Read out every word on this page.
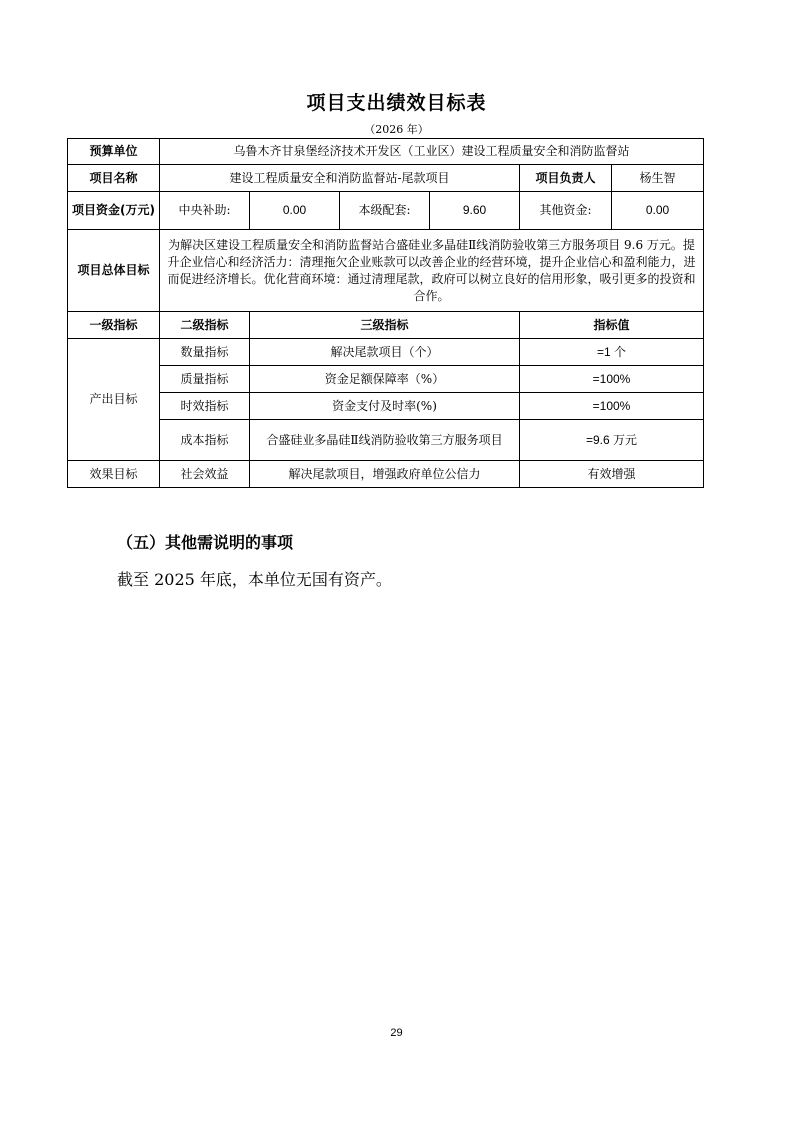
项目支出绩效目标表
（2026 年）
预算单位	乌鲁木齐甘泉堡经济技术开发区（工业区）建设工程质量安全和消防监督站					
项目名称	建设工程质量安全和消防监督站-尾款项目				项目负责人	杨生智
项目资金(万元)	中央补助:	0.00	本级配套:	9.60	其他资金:	0.00
项目总体目标	为解决区建设工程质量安全和消防监督站合盛硅业多晶硅Ⅱ线消防验收第三方服务项目 9.6 万元。提升企业信心和经济活力：清理拖欠企业账款可以改善企业的经营环境，提升企业信心和盈利能力，进而促进经济增长。优化营商环境：通过清理尾款，政府可以树立良好的信用形象，吸引更多的投资和合作。					
一级指标	二级指标	三级指标			指标值	
产出目标	数量指标	解决尾款项目（个）			=1 个	
	质量指标	资金足额保障率（%）			=100%	
	时效指标	资金支付及时率(%)			=100%	
	成本指标	合盛硅业多晶硅Ⅱ线消防验收第三方服务项目			=9.6 万元	
效果目标	社会效益	解决尾款项目，增强政府单位公信力			有效增强	
（五）其他需说明的事项
截至 2025 年底，本单位无国有资产。
29
